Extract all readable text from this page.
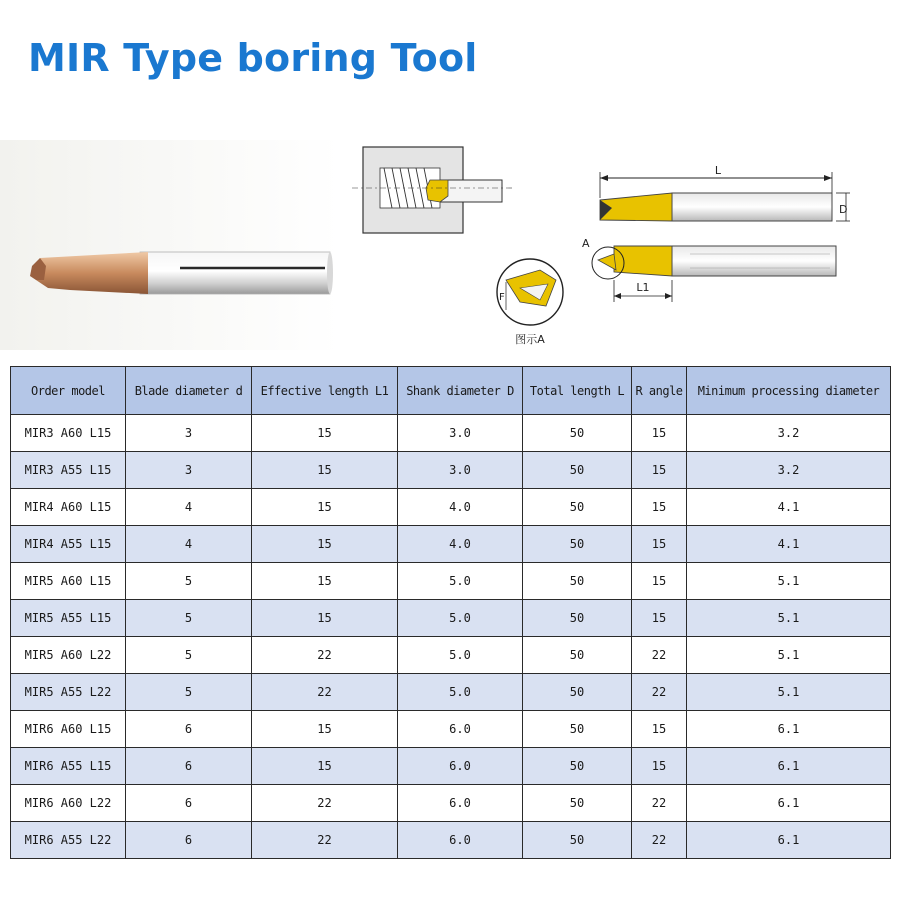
MIR Type boring Tool
L
D
A
L1
F
图示A
Order model	Blade diameter d	Effective length L1	Shank diameter D	Total length L	R angle	Minimum processing diameter
MIR3 A60 L15	3	15	3.0	50	15	3.2
MIR3 A55 L15	3	15	3.0	50	15	3.2
MIR4 A60 L15	4	15	4.0	50	15	4.1
MIR4 A55 L15	4	15	4.0	50	15	4.1
MIR5 A60 L15	5	15	5.0	50	15	5.1
MIR5 A55 L15	5	15	5.0	50	15	5.1
MIR5 A60 L22	5	22	5.0	50	22	5.1
MIR5 A55 L22	5	22	5.0	50	22	5.1
MIR6 A60 L15	6	15	6.0	50	15	6.1
MIR6 A55 L15	6	15	6.0	50	15	6.1
MIR6 A60 L22	6	22	6.0	50	22	6.1
MIR6 A55 L22	6	22	6.0	50	22	6.1
